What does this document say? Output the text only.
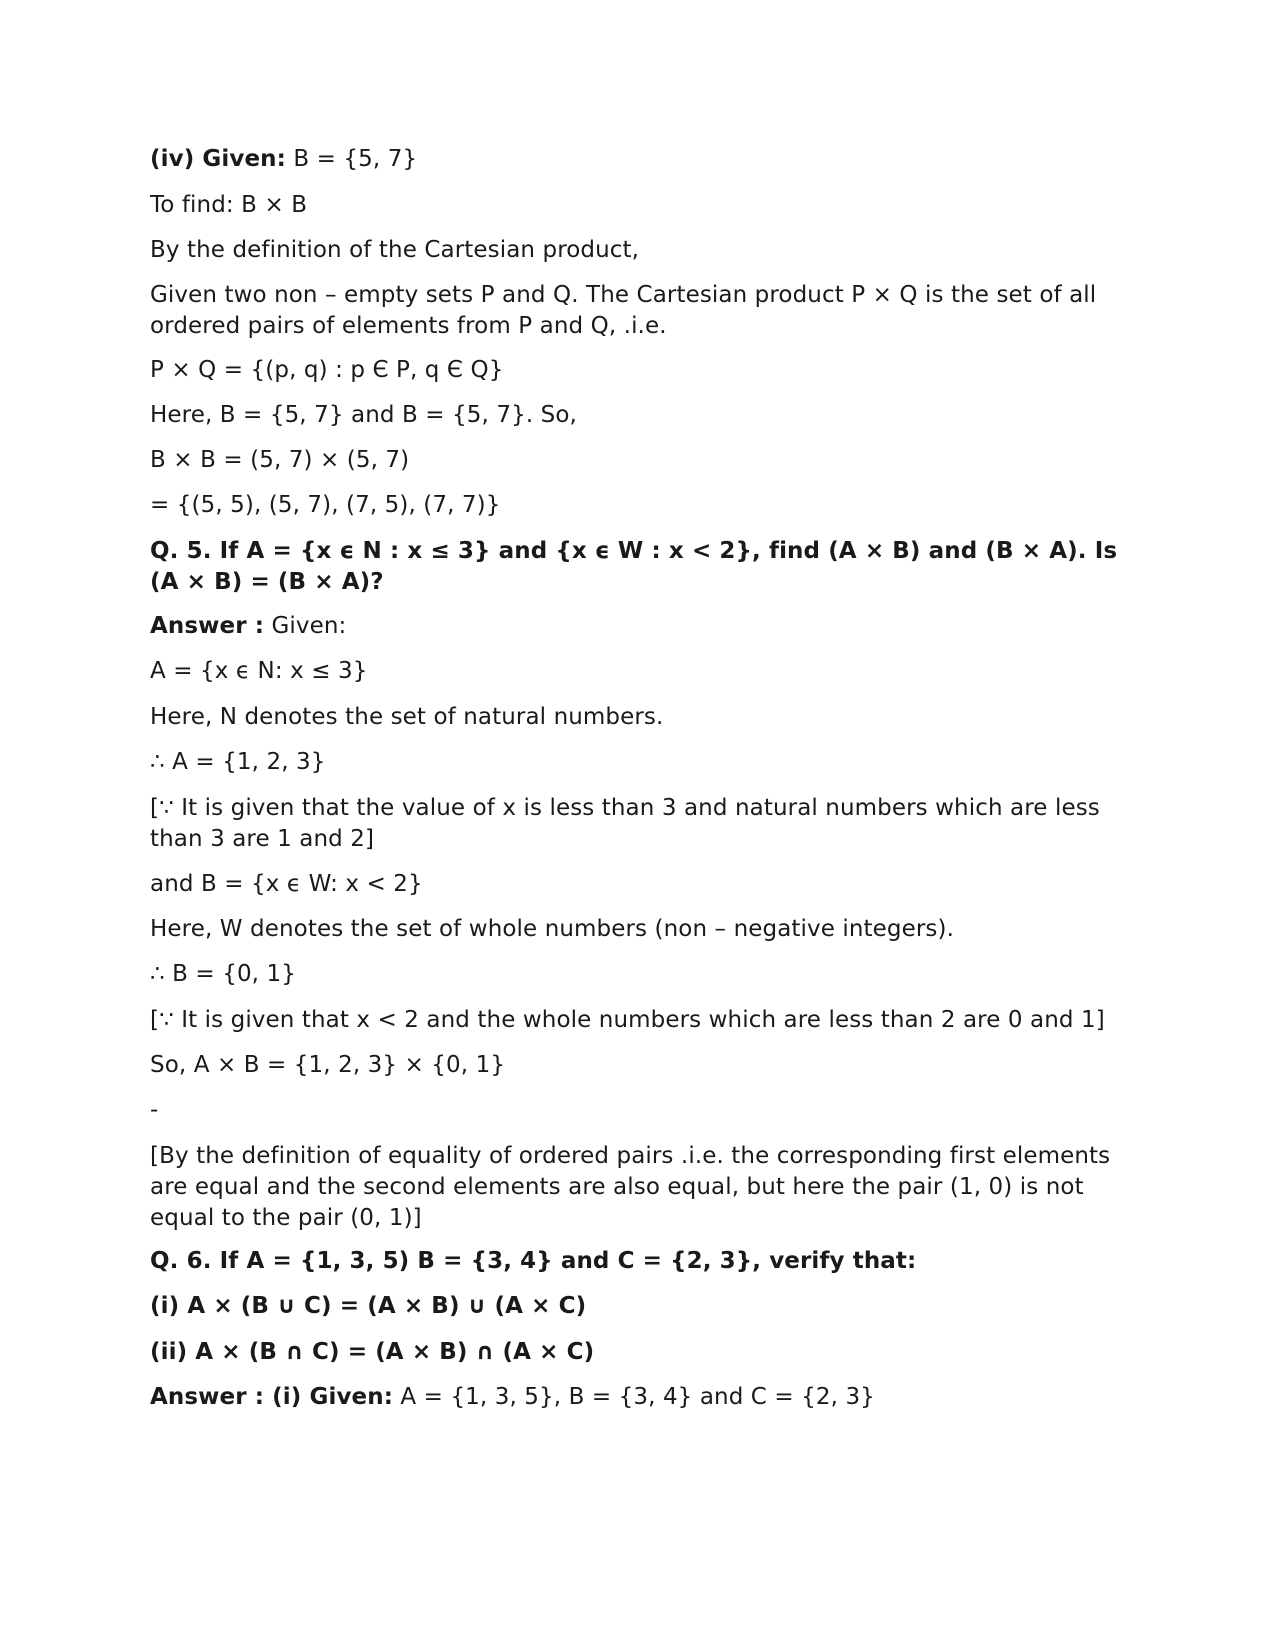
(iv) Given: B = {5, 7}
To find: B × B
By the definition of the Cartesian product,
Given two non – empty sets P and Q. The Cartesian product P × Q is the set of all ordered pairs of elements from P and Q, .i.e.
P × Q = {(p, q) : p Є P, q Є Q}
Here, B = {5, 7} and B = {5, 7}. So,
B × B = (5, 7) × (5, 7)
= {(5, 5), (5, 7), (7, 5), (7, 7)}
Q. 5. If A = {x ϵ N : x ≤ 3} and {x ϵ W : x < 2}, find (A × B) and (B × A). Is (A × B) = (B × A)?
Answer : Given:
A = {x ϵ N: x ≤ 3}
Here, N denotes the set of natural numbers.
∴ A = {1, 2, 3}
[∵ It is given that the value of x is less than 3 and natural numbers which are less than 3 are 1 and 2]
and B = {x ϵ W: x < 2}
Here, W denotes the set of whole numbers (non – negative integers).
∴ B = {0, 1}
[∵ It is given that x < 2 and the whole numbers which are less than 2 are 0 and 1]
So, A × B = {1, 2, 3} × {0, 1}
-
[By the definition of equality of ordered pairs .i.e. the corresponding first elements are equal and the second elements are also equal, but here the pair (1, 0) is not equal to the pair (0, 1)]
Q. 6. If A = {1, 3, 5) B = {3, 4} and C = {2, 3}, verify that:
(i) A × (B ∪ C) = (A × B) ∪ (A × C)
(ii) A × (B ∩ C) = (A × B) ∩ (A × C)
Answer : (i) Given: A = {1, 3, 5}, B = {3, 4} and C = {2, 3}
